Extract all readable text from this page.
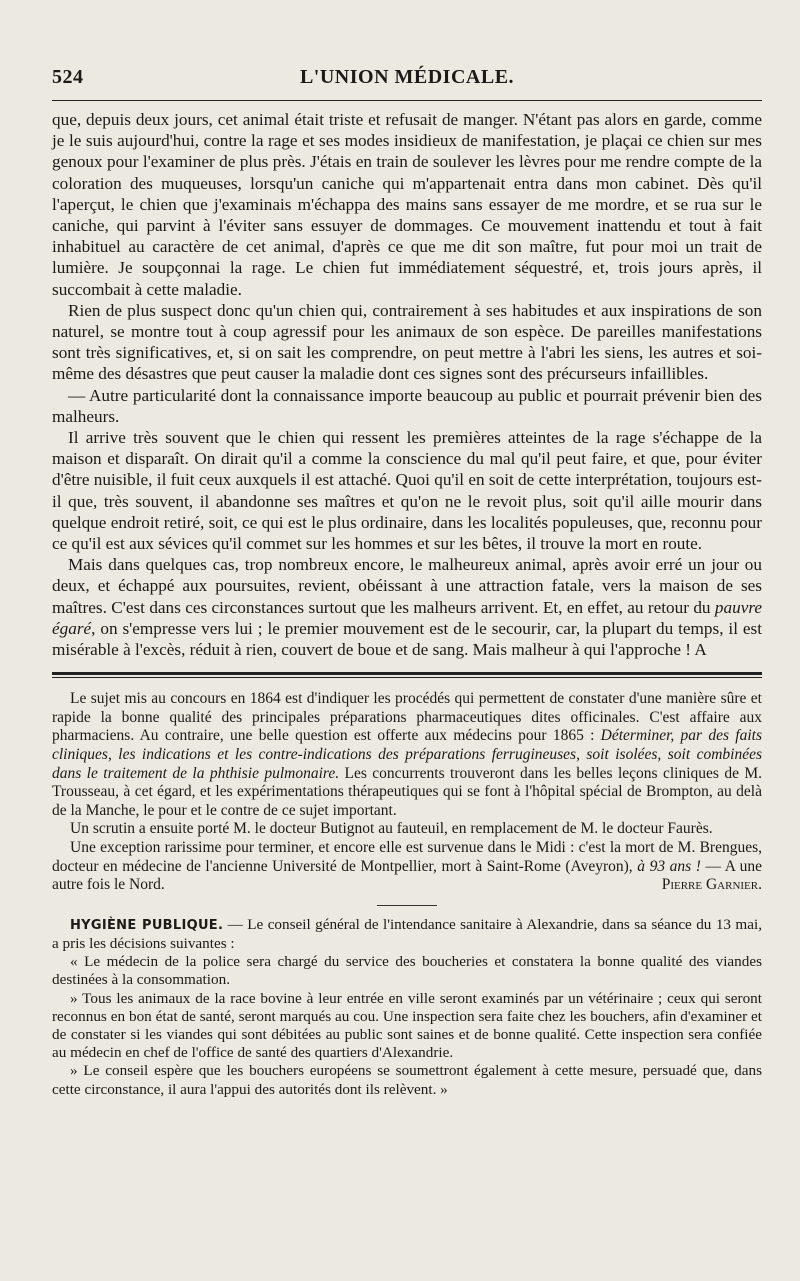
524	L'UNION MÉDICALE.

que, depuis deux jours, cet animal était triste et refusait de manger. N'étant pas alors en garde, comme je le suis aujourd'hui, contre la rage et ses modes insidieux de manifestation, je plaçai ce chien sur mes genoux pour l'examiner de plus près. J'étais en train de soulever les lèvres pour me rendre compte de la coloration des muqueuses, lorsqu'un caniche qui m'appartenait entra dans mon cabinet. Dès qu'il l'aperçut, le chien que j'examinais m'échappa des mains sans essayer de me mordre, et se rua sur le caniche, qui parvint à l'éviter sans essuyer de dommages. Ce mouvement inattendu et tout à fait inhabituel au caractère de cet animal, d'après ce que me dit son maître, fut pour moi un trait de lumière. Je soupçonnai la rage. Le chien fut immédiatement séquestré, et, trois jours après, il succombait à cette maladie.

Rien de plus suspect donc qu'un chien qui, contrairement à ses habitudes et aux inspirations de son naturel, se montre tout à coup agressif pour les animaux de son espèce. De pareilles manifestations sont très significatives, et, si on sait les comprendre, on peut mettre à l'abri les siens, les autres et soi-même des désastres que peut causer la maladie dont ces signes sont des précurseurs infaillibles.

— Autre particularité dont la connaissance importe beaucoup au public et pourrait prévenir bien des malheurs.

Il arrive très souvent que le chien qui ressent les premières atteintes de la rage s'échappe de la maison et disparaît. On dirait qu'il a comme la conscience du mal qu'il peut faire, et que, pour éviter d'être nuisible, il fuit ceux auxquels il est attaché. Quoi qu'il en soit de cette interprétation, toujours est-il que, très souvent, il abandonne ses maîtres et qu'on ne le revoit plus, soit qu'il aille mourir dans quelque endroit retiré, soit, ce qui est le plus ordinaire, dans les localités populeuses, que, reconnu pour ce qu'il est aux sévices qu'il commet sur les hommes et sur les bêtes, il trouve la mort en route.

Mais dans quelques cas, trop nombreux encore, le malheureux animal, après avoir erré un jour ou deux, et échappé aux poursuites, revient, obéissant à une attraction fatale, vers la maison de ses maîtres. C'est dans ces circonstances surtout que les malheurs arrivent. Et, en effet, au retour du pauvre égaré, on s'empresse vers lui ; le premier mouvement est de le secourir, car, la plupart du temps, il est misérable à l'excès, réduit à rien, couvert de boue et de sang. Mais malheur à qui l'approche ! A

Le sujet mis au concours en 1864 est d'indiquer les procédés qui permettent de constater d'une manière sûre et rapide la bonne qualité des principales préparations pharmaceutiques dites officinales. C'est affaire aux pharmaciens. Au contraire, une belle question est offerte aux médecins pour 1865 : Déterminer, par des faits cliniques, les indications et les contre-indications des préparations ferrugineuses, soit isolées, soit combinées dans le traitement de la phthisie pulmonaire. Les concurrents trouveront dans les belles leçons cliniques de M. Trousseau, à cet égard, et les expérimentations thérapeutiques qui se font à l'hôpital spécial de Brompton, au delà de la Manche, le pour et le contre de ce sujet important.

Un scrutin a ensuite porté M. le docteur Butignot au fauteuil, en remplacement de M. le docteur Faurès.

Une exception rarissime pour terminer, et encore elle est survenue dans le Midi : c'est la mort de M. Brengues, docteur en médecine de l'ancienne Université de Montpellier, mort à Saint-Rome (Aveyron), à 93 ans ! — A une autre fois le Nord.	Pierre Garnier.

HYGIÈNE PUBLIQUE. — Le conseil général de l'intendance sanitaire à Alexandrie, dans sa séance du 13 mai, a pris les décisions suivantes :

« Le médecin de la police sera chargé du service des boucheries et constatera la bonne qualité des viandes destinées à la consommation.

» Tous les animaux de la race bovine à leur entrée en ville seront examinés par un vétérinaire ; ceux qui seront reconnus en bon état de santé, seront marqués au cou. Une inspection sera faite chez les bouchers, afin d'examiner et de constater si les viandes qui sont débitées au public sont saines et de bonne qualité. Cette inspection sera confiée au médecin en chef de l'office de santé des quartiers d'Alexandrie.

» Le conseil espère que les bouchers européens se soumettront également à cette mesure, persuadé que, dans cette circonstance, il aura l'appui des autorités dont ils relèvent. »
